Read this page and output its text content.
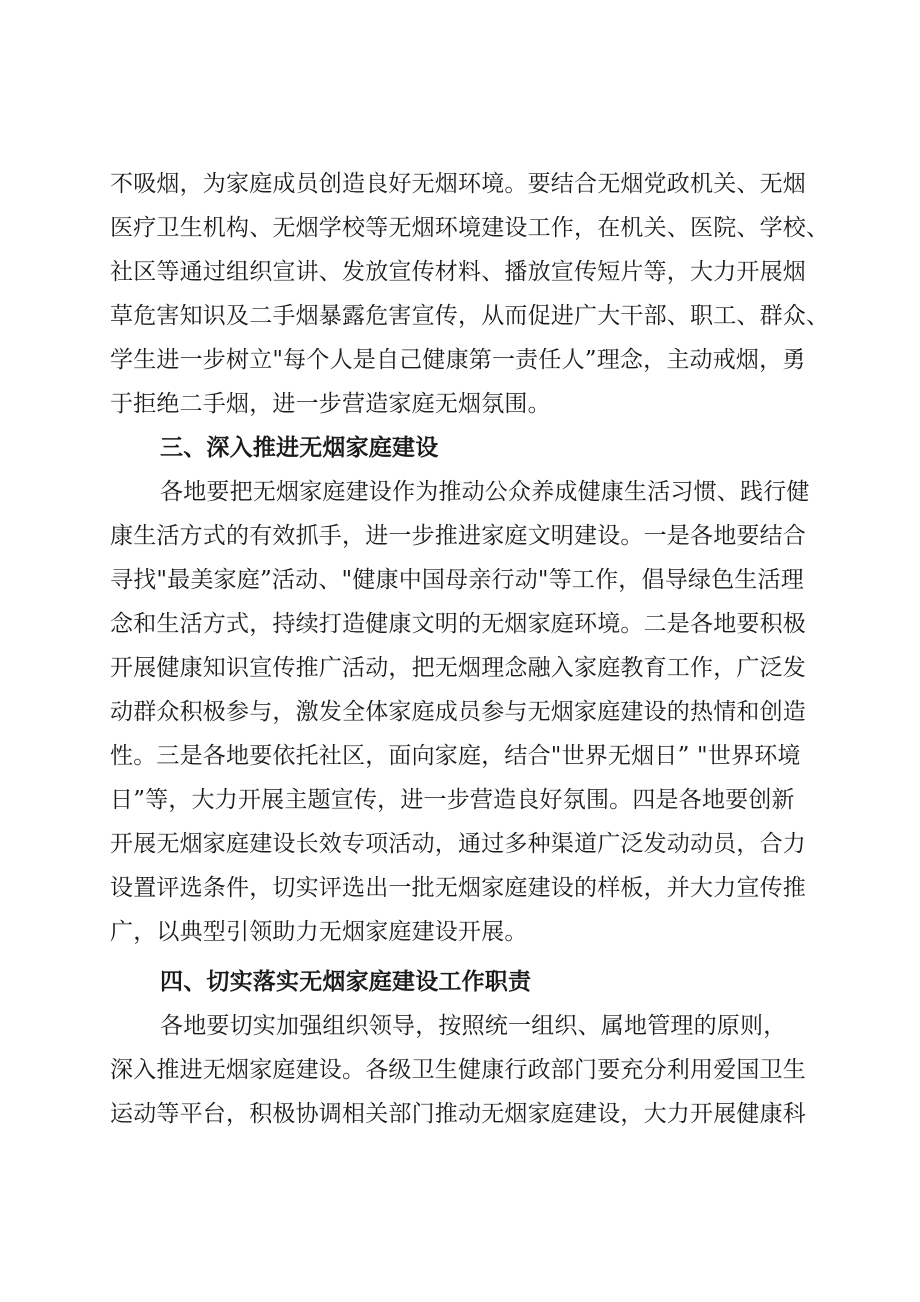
不吸烟，为家庭成员创造良好无烟环境。要结合无烟党政机关、无烟
医疗卫生机构、无烟学校等无烟环境建设工作，在机关、医院、学校、
社区等通过组织宣讲、发放宣传材料、播放宣传短片等，大力开展烟
草危害知识及二手烟暴露危害宣传，从而促进广大干部、职工、群众、
学生进一步树立"每个人是自己健康第一责任人”理念，主动戒烟，勇
于拒绝二手烟，进一步营造家庭无烟氛围。
三、深入推进无烟家庭建设
各地要把无烟家庭建设作为推动公众养成健康生活习惯、践行健
康生活方式的有效抓手，进一步推进家庭文明建设。一是各地要结合
寻找"最美家庭”活动、"健康中国母亲行动"等工作，倡导绿色生活理
念和生活方式，持续打造健康文明的无烟家庭环境。二是各地要积极
开展健康知识宣传推广活动，把无烟理念融入家庭教育工作，广泛发
动群众积极参与，激发全体家庭成员参与无烟家庭建设的热情和创造
性。三是各地要依托社区，面向家庭，结合"世界无烟日” "世界环境
日”等，大力开展主题宣传，进一步营造良好氛围。四是各地要创新
开展无烟家庭建设长效专项活动，通过多种渠道广泛发动动员，合力
设置评选条件，切实评选出一批无烟家庭建设的样板，并大力宣传推
广，以典型引领助力无烟家庭建设开展。
四、切实落实无烟家庭建设工作职责
各地要切实加强组织领导，按照统一组织、属地管理的原则，
深入推进无烟家庭建设。各级卫生健康行政部门要充分利用爱国卫生
运动等平台，积极协调相关部门推动无烟家庭建设，大力开展健康科
